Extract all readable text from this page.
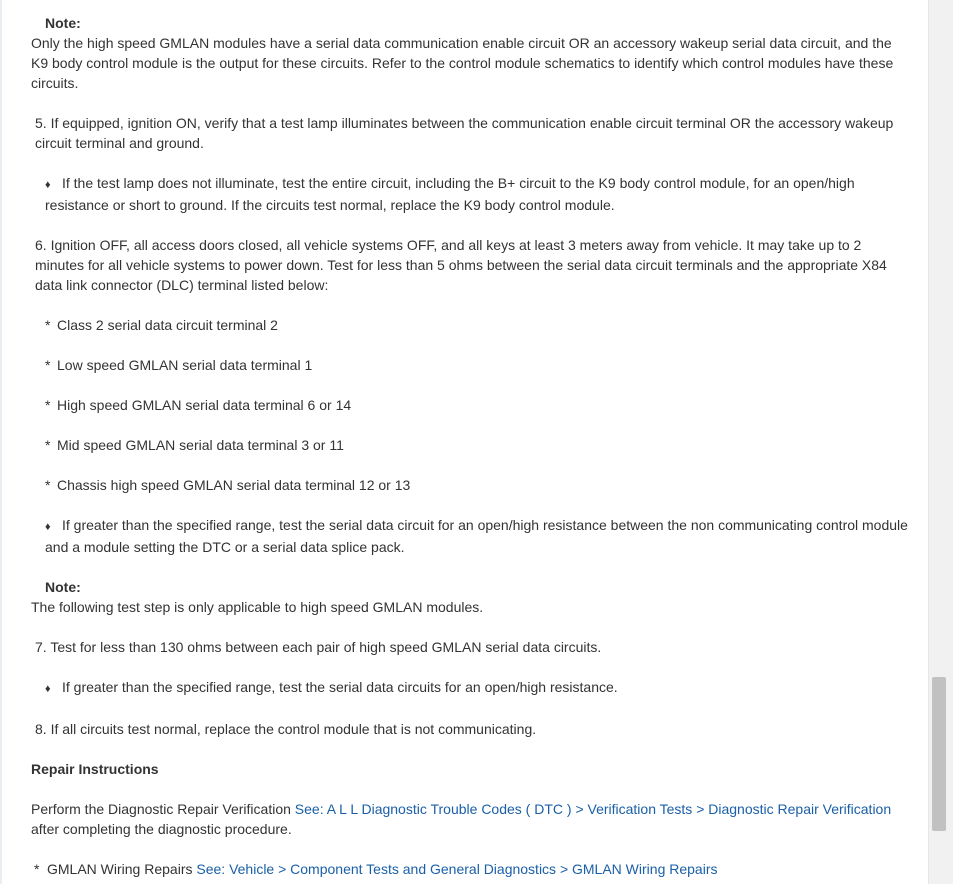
Note:

Only the high speed GMLAN modules have a serial data communication enable circuit OR an accessory wakeup serial data circuit, and the K9 body control module is the output for these circuits. Refer to the control module schematics to identify which control modules have these circuits.

5. If equipped, ignition ON, verify that a test lamp illuminates between the communication enable circuit terminal OR the accessory wakeup circuit terminal and ground.

♦ If the test lamp does not illuminate, test the entire circuit, including the B+ circuit to the K9 body control module, for an open/high resistance or short to ground. If the circuits test normal, replace the K9 body control module.

6. Ignition OFF, all access doors closed, all vehicle systems OFF, and all keys at least 3 meters away from vehicle. It may take up to 2 minutes for all vehicle systems to power down. Test for less than 5 ohms between the serial data circuit terminals and the appropriate X84 data link connector (DLC) terminal listed below:

* Class 2 serial data circuit terminal 2

* Low speed GMLAN serial data terminal 1

* High speed GMLAN serial data terminal 6 or 14

* Mid speed GMLAN serial data terminal 3 or 11

* Chassis high speed GMLAN serial data terminal 12 or 13

♦ If greater than the specified range, test the serial data circuit for an open/high resistance between the non communicating control module and a module setting the DTC or a serial data splice pack.

Note:

The following test step is only applicable to high speed GMLAN modules.

7. Test for less than 130 ohms between each pair of high speed GMLAN serial data circuits.

♦ If greater than the specified range, test the serial data circuits for an open/high resistance.

8. If all circuits test normal, replace the control module that is not communicating.

Repair Instructions

Perform the Diagnostic Repair Verification See: A L L Diagnostic Trouble Codes ( DTC ) > Verification Tests > Diagnostic Repair Verification
after completing the diagnostic procedure.

* GMLAN Wiring Repairs See: Vehicle > Component Tests and General Diagnostics > GMLAN Wiring Repairs
